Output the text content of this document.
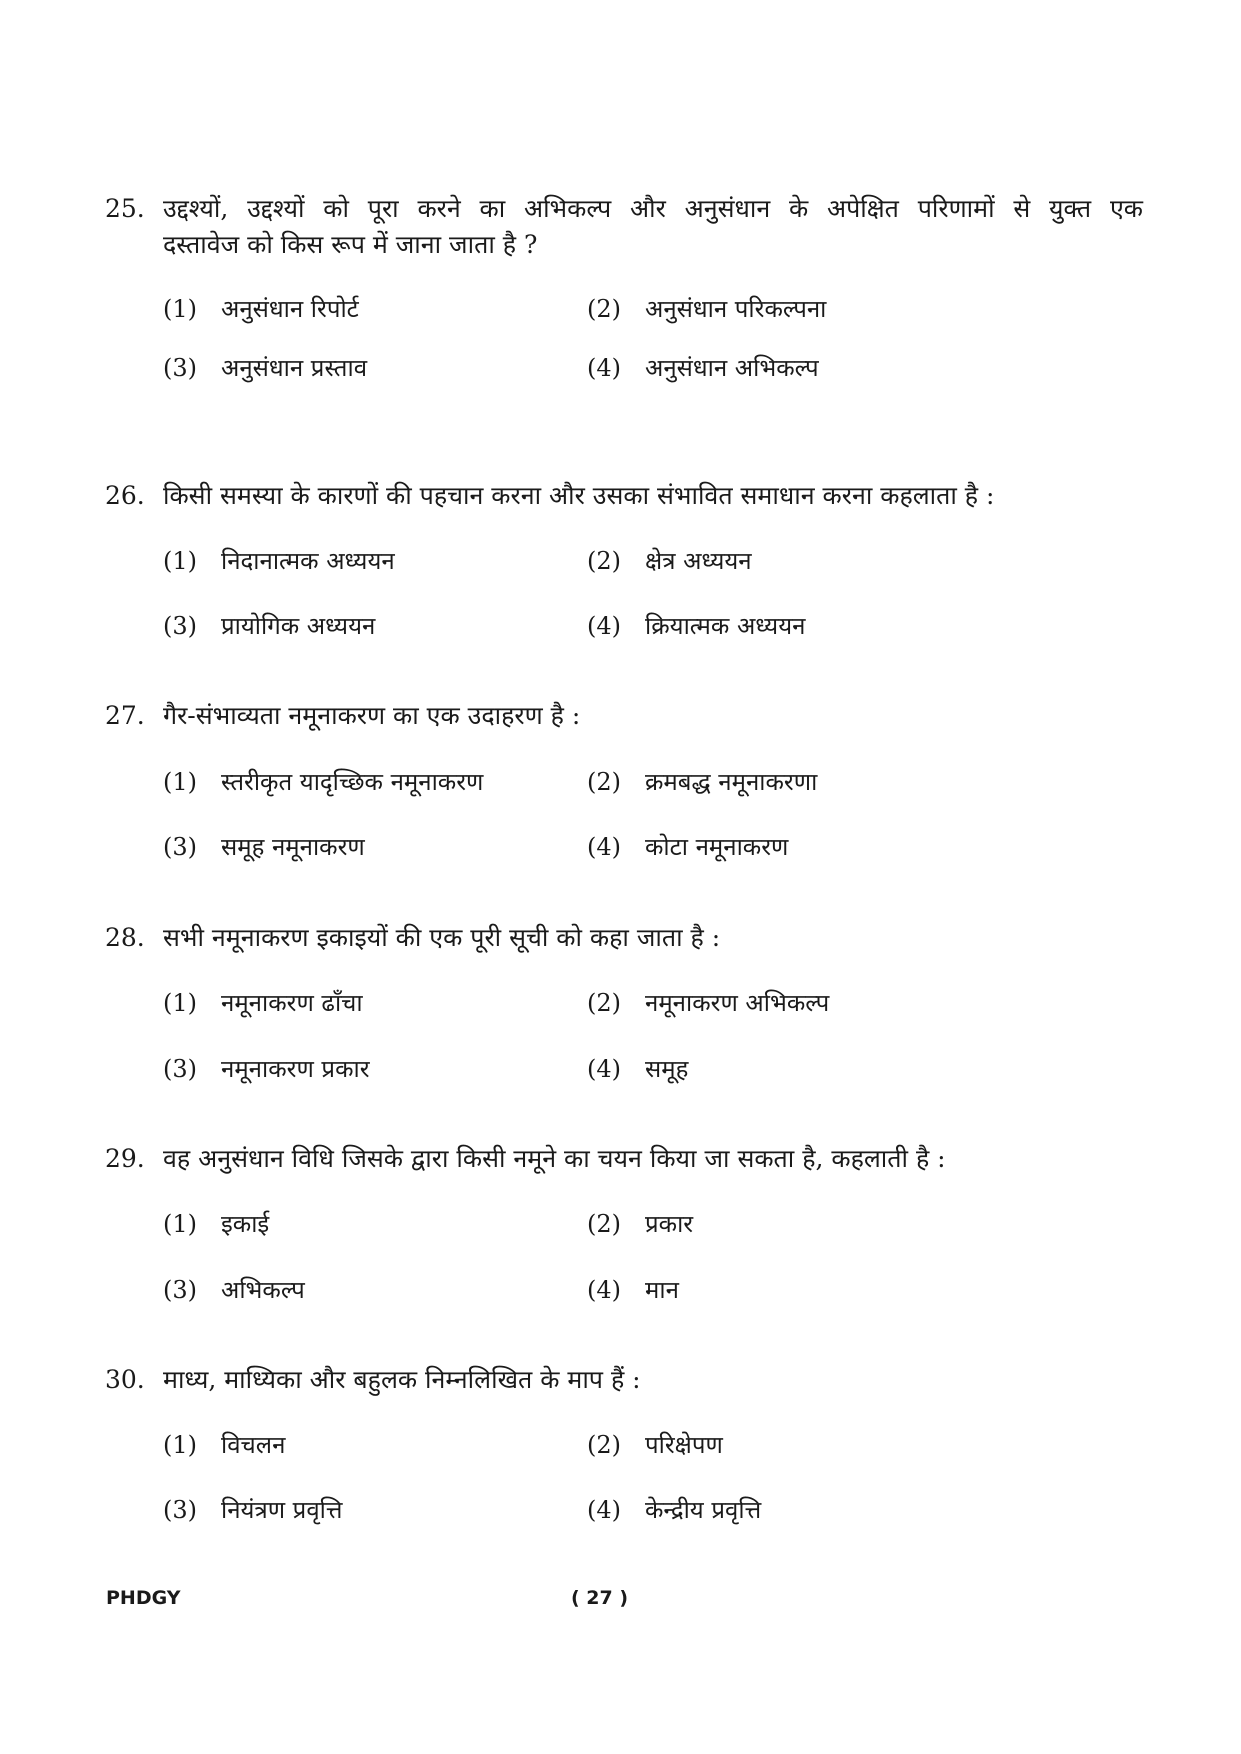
25. उद्दश्यों, उद्दश्यों को पूरा करने का अभिकल्प और अनुसंधान के अपेक्षित परिणामों से युक्त एक
दस्तावेज को किस रूप में जाना जाता है ?
(1) अनुसंधान रिपोर्ट	(2) अनुसंधान परिकल्पना
(3) अनुसंधान प्रस्ताव	(4) अनुसंधान अभिकल्प
26. किसी समस्या के कारणों की पहचान करना और उसका संभावित समाधान करना कहलाता है :
(1) निदानात्मक अध्ययन	(2) क्षेत्र अध्ययन
(3) प्रायोगिक अध्ययन	(4) क्रियात्मक अध्ययन
27. गैर-संभाव्यता नमूनाकरण का एक उदाहरण है :
(1) स्तरीकृत यादृच्छिक नमूनाकरण	(2) क्रमबद्ध नमूनाकरणा
(3) समूह नमूनाकरण	(4) कोटा नमूनाकरण
28. सभी नमूनाकरण इकाइयों की एक पूरी सूची को कहा जाता है :
(1) नमूनाकरण ढाँचा	(2) नमूनाकरण अभिकल्प
(3) नमूनाकरण प्रकार	(4) समूह
29. वह अनुसंधान विधि जिसके द्वारा किसी नमूने का चयन किया जा सकता है, कहलाती है :
(1) इकाई	(2) प्रकार
(3) अभिकल्प	(4) मान
30. माध्य, माध्यिका और बहुलक निम्नलिखित के माप हैं :
(1) विचलन	(2) परिक्षेपण
(3) नियंत्रण प्रवृत्ति	(4) केन्द्रीय प्रवृत्ति
PHDGY	( 27 )
